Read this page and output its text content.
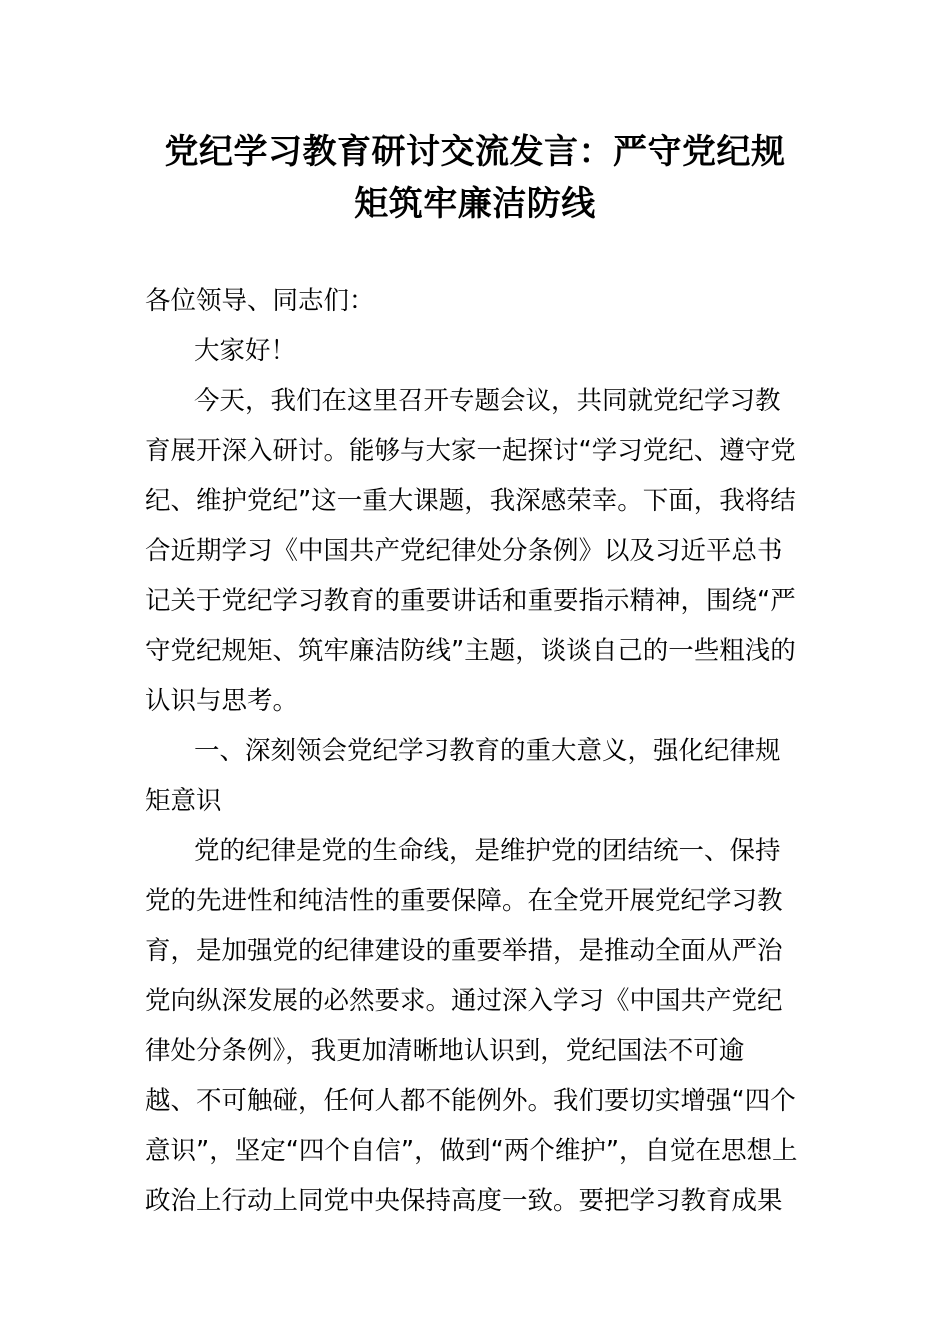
党纪学习教育研讨交流发言：严守党纪规
矩筑牢廉洁防线
各位领导、同志们：
大家好！
今天，我们在这里召开专题会议，共同就党纪学习教
育展开深入研讨。能够与大家一起探讨“学习党纪、遵守党
纪、维护党纪”这一重大课题，我深感荣幸。下面，我将结
合近期学习《中国共产党纪律处分条例》以及习近平总书
记关于党纪学习教育的重要讲话和重要指示精神，围绕“严
守党纪规矩、筑牢廉洁防线”主题，谈谈自己的一些粗浅的
认识与思考。
一、深刻领会党纪学习教育的重大意义，强化纪律规
矩意识
党的纪律是党的生命线，是维护党的团结统一、保持
党的先进性和纯洁性的重要保障。在全党开展党纪学习教
育，是加强党的纪律建设的重要举措，是推动全面从严治
党向纵深发展的必然要求。通过深入学习《中国共产党纪
律处分条例》，我更加清晰地认识到，党纪国法不可逾
越、不可触碰，任何人都不能例外。我们要切实增强“四个
意识”，坚定“四个自信”，做到“两个维护”，自觉在思想上
政治上行动上同党中央保持高度一致。要把学习教育成果
